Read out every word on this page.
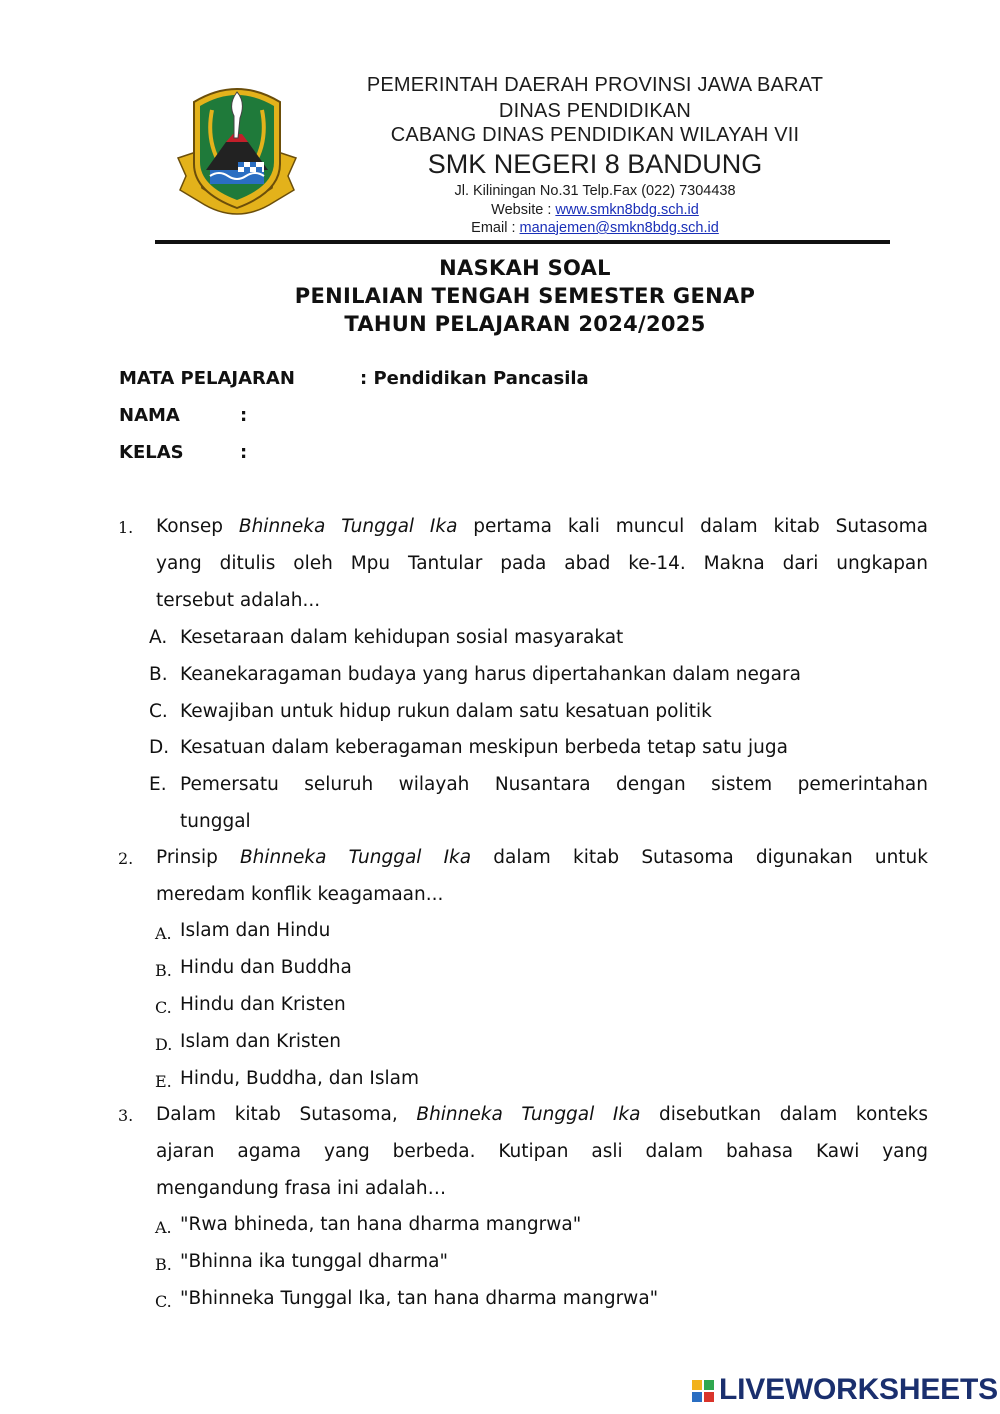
PEMERINTAH DAERAH PROVINSI JAWA BARAT
DINAS PENDIDIKAN
CABANG DINAS PENDIDIKAN WILAYAH VII
SMK NEGERI 8 BANDUNG
Jl. Kiliningan No.31 Telp.Fax (022) 7304438
Website : www.smkn8bdg.sch.id
Email : manajemen@smkn8bdg.sch.id
NASKAH SOAL
PENILAIAN TENGAH SEMESTER GENAP
TAHUN PELAJARAN 2024/2025
MATA PELAJARAN	: Pendidikan Pancasila
NAMA	:
KELAS	:
1. Konsep Bhinneka Tunggal Ika pertama kali muncul dalam kitab Sutasoma
yang ditulis oleh Mpu Tantular pada abad ke-14. Makna dari ungkapan
tersebut adalah...
A. Kesetaraan dalam kehidupan sosial masyarakat
B. Keanekaragaman budaya yang harus dipertahankan dalam negara
C. Kewajiban untuk hidup rukun dalam satu kesatuan politik
D. Kesatuan dalam keberagaman meskipun berbeda tetap satu juga
E. Pemersatu seluruh wilayah Nusantara dengan sistem pemerintahan
tunggal
2. Prinsip Bhinneka Tunggal Ika dalam kitab Sutasoma digunakan untuk
meredam konflik keagamaan...
A. Islam dan Hindu
B. Hindu dan Buddha
C. Hindu dan Kristen
D. Islam dan Kristen
E. Hindu, Buddha, dan Islam
3. Dalam kitab Sutasoma, Bhinneka Tunggal Ika disebutkan dalam konteks
ajaran agama yang berbeda. Kutipan asli dalam bahasa Kawi yang
mengandung frasa ini adalah…
A. "Rwa bhineda, tan hana dharma mangrwa"
B. "Bhinna ika tunggal dharma"
C. "Bhinneka Tunggal Ika, tan hana dharma mangrwa"
LIVEWORKSHEETS
